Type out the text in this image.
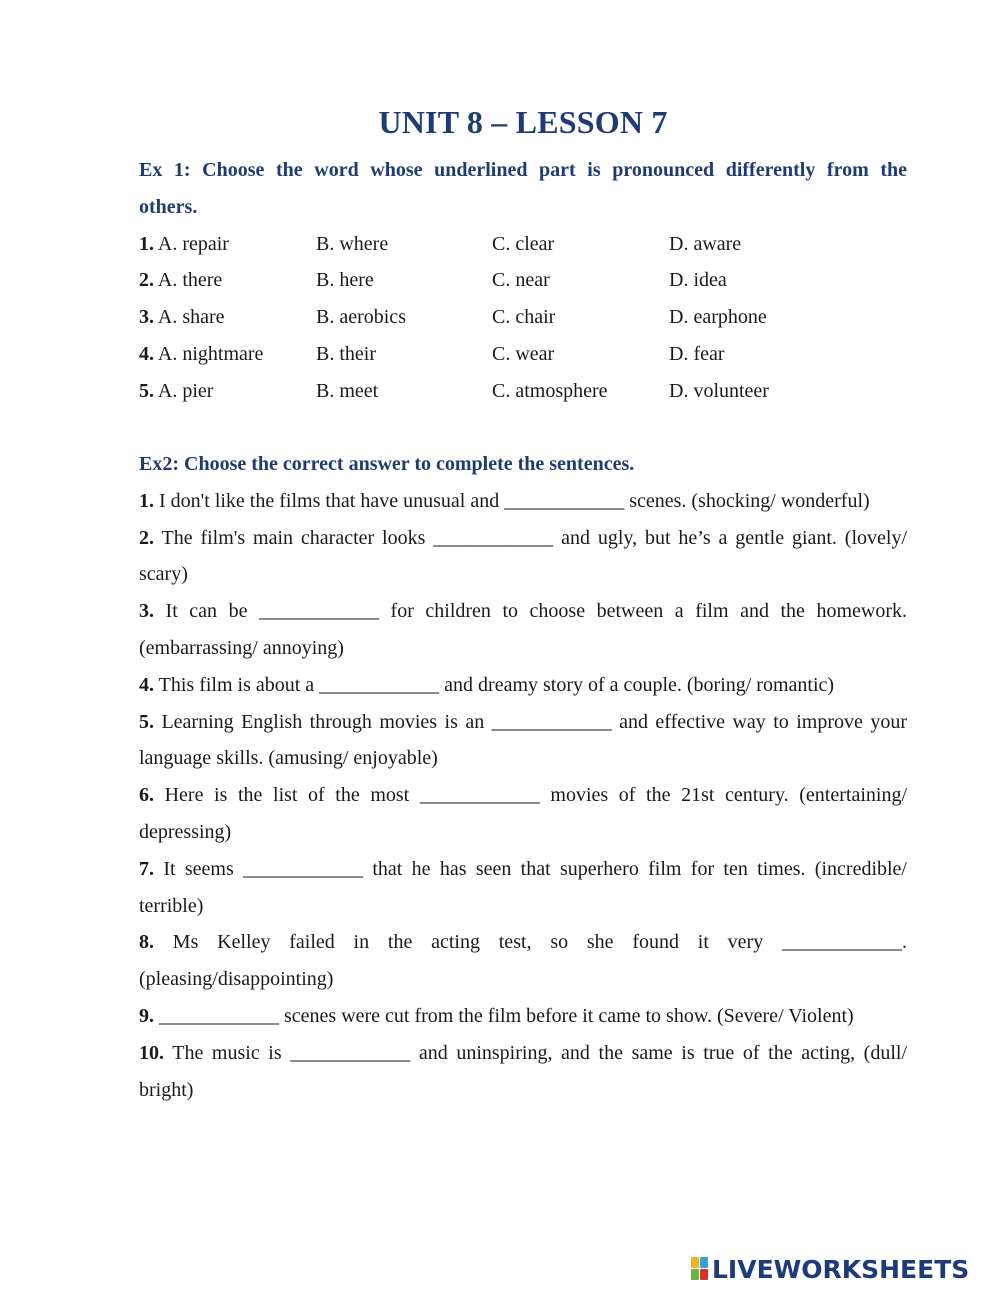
UNIT 8 – LESSON 7

Ex 1: Choose the word whose underlined part is pronounced differently from the
others.

1. A. repair	B. where	C. clear	D. aware
2. A. there	B. here	C. near	D. idea
3. A. share	B. aerobics	C. chair	D. earphone
4. A. nightmare	B. their	C. wear	D. fear
5. A. pier	B. meet	C. atmosphere	D. volunteer

Ex2: Choose the correct answer to complete the sentences.

1. I don't like the films that have unusual and ____________ scenes. (shocking/ wonderful)

2. The film's main character looks ____________ and ugly, but he’s a gentle giant. (lovely/

scary)

3. It can be ____________ for children to choose between a film and the homework.

(embarrassing/ annoying)

4. This film is about a ____________ and dreamy story of a couple. (boring/ romantic)

5. Learning English through movies is an ____________ and effective way to improve your

language skills. (amusing/ enjoyable)

6. Here is the list of the most ____________ movies of the 21st century. (entertaining/

depressing)

7. It seems ____________ that he has seen that superhero film for ten times. (incredible/

terrible)

8. Ms Kelley failed in the acting test, so she found it very ____________.

(pleasing/disappointing)

9. ____________ scenes were cut from the film before it came to show. (Severe/ Violent)

10. The music is ____________ and uninspiring, and the same is true of the acting, (dull/

bright)

LIVEWORKSHEETS
